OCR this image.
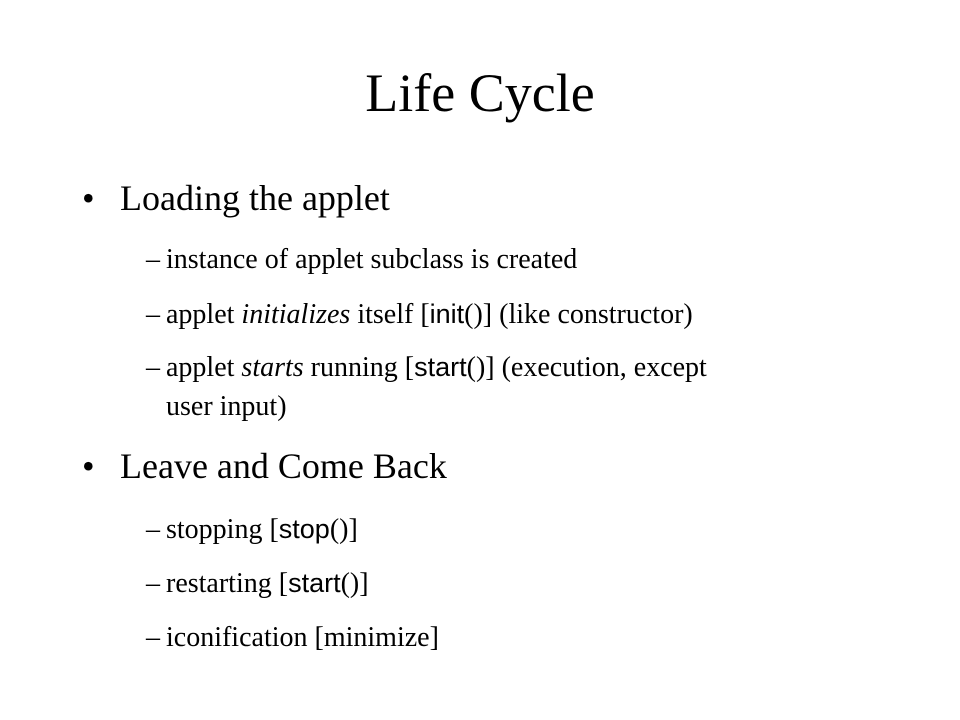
Life Cycle
• Loading the applet
– instance of applet subclass is created
– applet initializes itself [init()] (like constructor)
– applet starts running [start()] (execution, except user input)
• Leave and Come Back
– stopping [stop()]
– restarting [start()]
– iconification [minimize]
